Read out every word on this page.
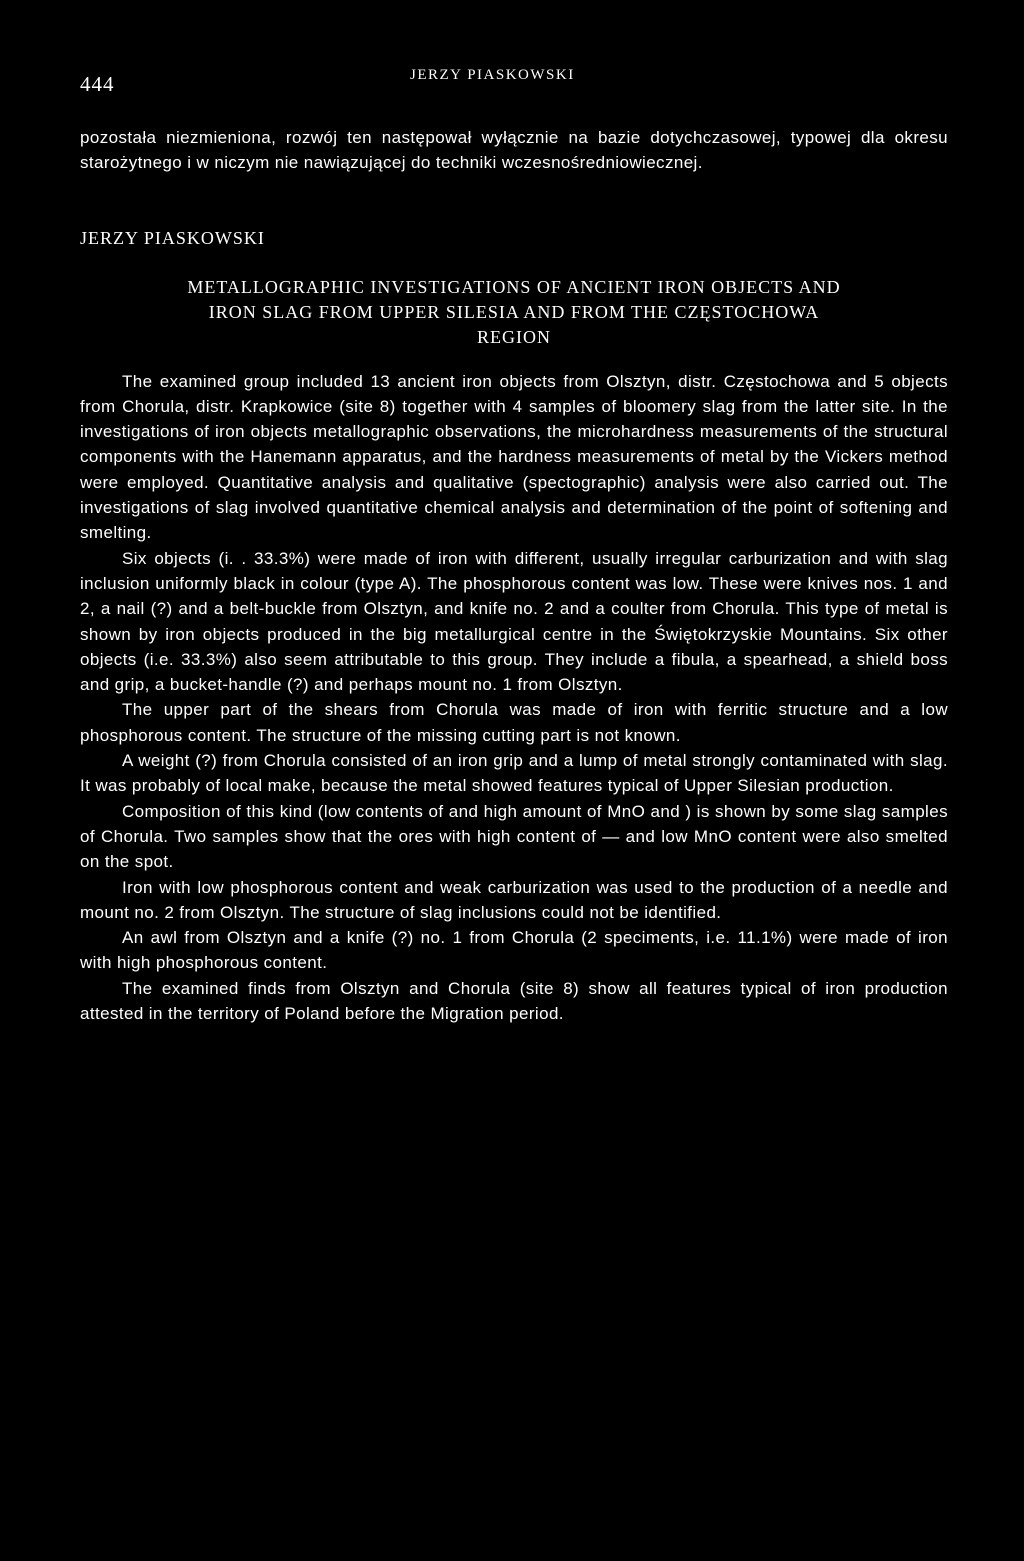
444	JERZY PIASKOWSKI

pozostała niezmieniona, rozwój ten następował wyłącznie na bazie dotychczasowej, typowej dla okresu starożytnego i w niczym nie nawiązującej do techniki wczesnośredniowiecznej.

JERZY PIASKOWSKI
METALLOGRAPHIC INVESTIGATIONS OF ANCIENT IRON OBJECTS AND
IRON SLAG FROM UPPER SILESIA AND FROM THE CZĘSTOCHOWA
REGION

The examined group included 13 ancient iron objects from Olsztyn, distr. Częstochowa and 5 objects from Chorula, distr. Krapkowice (site 8) together with 4 samples of bloomery slag from the latter site. In the investigations of iron objects metallographic observations, the microhardness measurements of the structural components with the Hanemann apparatus, and the hardness measurements of metal by the Vickers method were employed. Quantitative analysis and qualitative (spectographic) analysis were also carried out. The investigations of slag involved quantitative chemical analysis and determination of the point of softening and smelting.

Six objects (i. . 33.3%) were made of iron with different, usually irregular carburization and with slag inclusion uniformly black in colour (type A). The phosphorous content was low. These were knives nos. 1 and 2, a nail (?) and a belt-buckle from Olsztyn, and knife no. 2 and a coulter from Chorula. This type of metal is shown by iron objects produced in the big metallurgical centre in the Świętokrzyskie Mountains. Six other objects (i.e. 33.3%) also seem attributable to this group. They include a fibula, a spearhead, a shield boss and grip, a bucket-handle (?) and perhaps mount no. 1 from Olsztyn.

The upper part of the shears from Chorula was made of iron with ferritic structure and a low phosphorous content. The structure of the missing cutting part is not known.

A weight (?) from Chorula consisted of an iron grip and a lump of metal strongly contaminated with slag. It was probably of local make, because the metal showed features typical of Upper Silesian production.

Composition of this kind (low contents of and high amount of MnO and ) is shown by some slag samples of Chorula. Two samples show that the ores with high content of — and low MnO content were also smelted on the spot.

Iron with low phosphorous content and weak carburization was used to the production of a needle and mount no. 2 from Olsztyn. The structure of slag inclusions could not be identified.

An awl from Olsztyn and a knife (?) no. 1 from Chorula (2 speciments, i.e. 11.1%) were made of iron with high phosphorous content.

The examined finds from Olsztyn and Chorula (site 8) show all features typical of iron production attested in the territory of Poland before the Migration period.
